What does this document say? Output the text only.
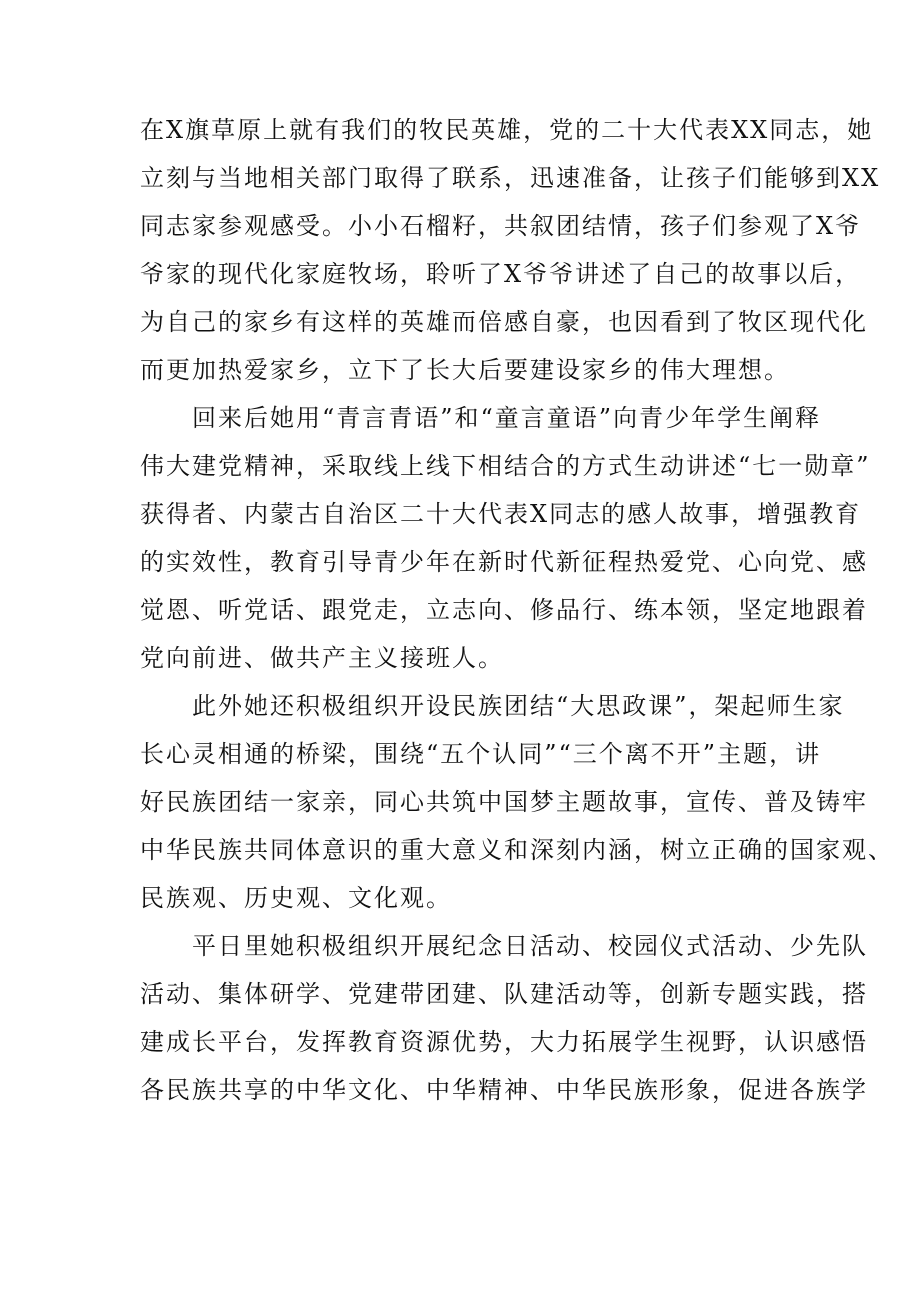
在X旗草原上就有我们的牧民英雄，党的二十大代表XX同志，她
立刻与当地相关部门取得了联系，迅速准备，让孩子们能够到XX
同志家参观感受。小小石榴籽，共叙团结情，孩子们参观了X爷
爷家的现代化家庭牧场，聆听了X爷爷讲述了自己的故事以后，
为自己的家乡有这样的英雄而倍感自豪，也因看到了牧区现代化
而更加热爱家乡，立下了长大后要建设家乡的伟大理想。
回来后她用“青言青语”和“童言童语”向青少年学生阐释
伟大建党精神，采取线上线下相结合的方式生动讲述“七一勋章”
获得者、内蒙古自治区二十大代表X同志的感人故事，增强教育
的实效性，教育引导青少年在新时代新征程热爱党、心向党、感
觉恩、听党话、跟党走，立志向、修品行、练本领，坚定地跟着
党向前进、做共产主义接班人。
此外她还积极组织开设民族团结“大思政课”，架起师生家
长心灵相通的桥梁，围绕“五个认同”“三个离不开”主题，讲
好民族团结一家亲，同心共筑中国梦主题故事，宣传、普及铸牢
中华民族共同体意识的重大意义和深刻内涵，树立正确的国家观、
民族观、历史观、文化观。
平日里她积极组织开展纪念日活动、校园仪式活动、少先队
活动、集体研学、党建带团建、队建活动等，创新专题实践，搭
建成长平台，发挥教育资源优势，大力拓展学生视野，认识感悟
各民族共享的中华文化、中华精神、中华民族形象，促进各族学
